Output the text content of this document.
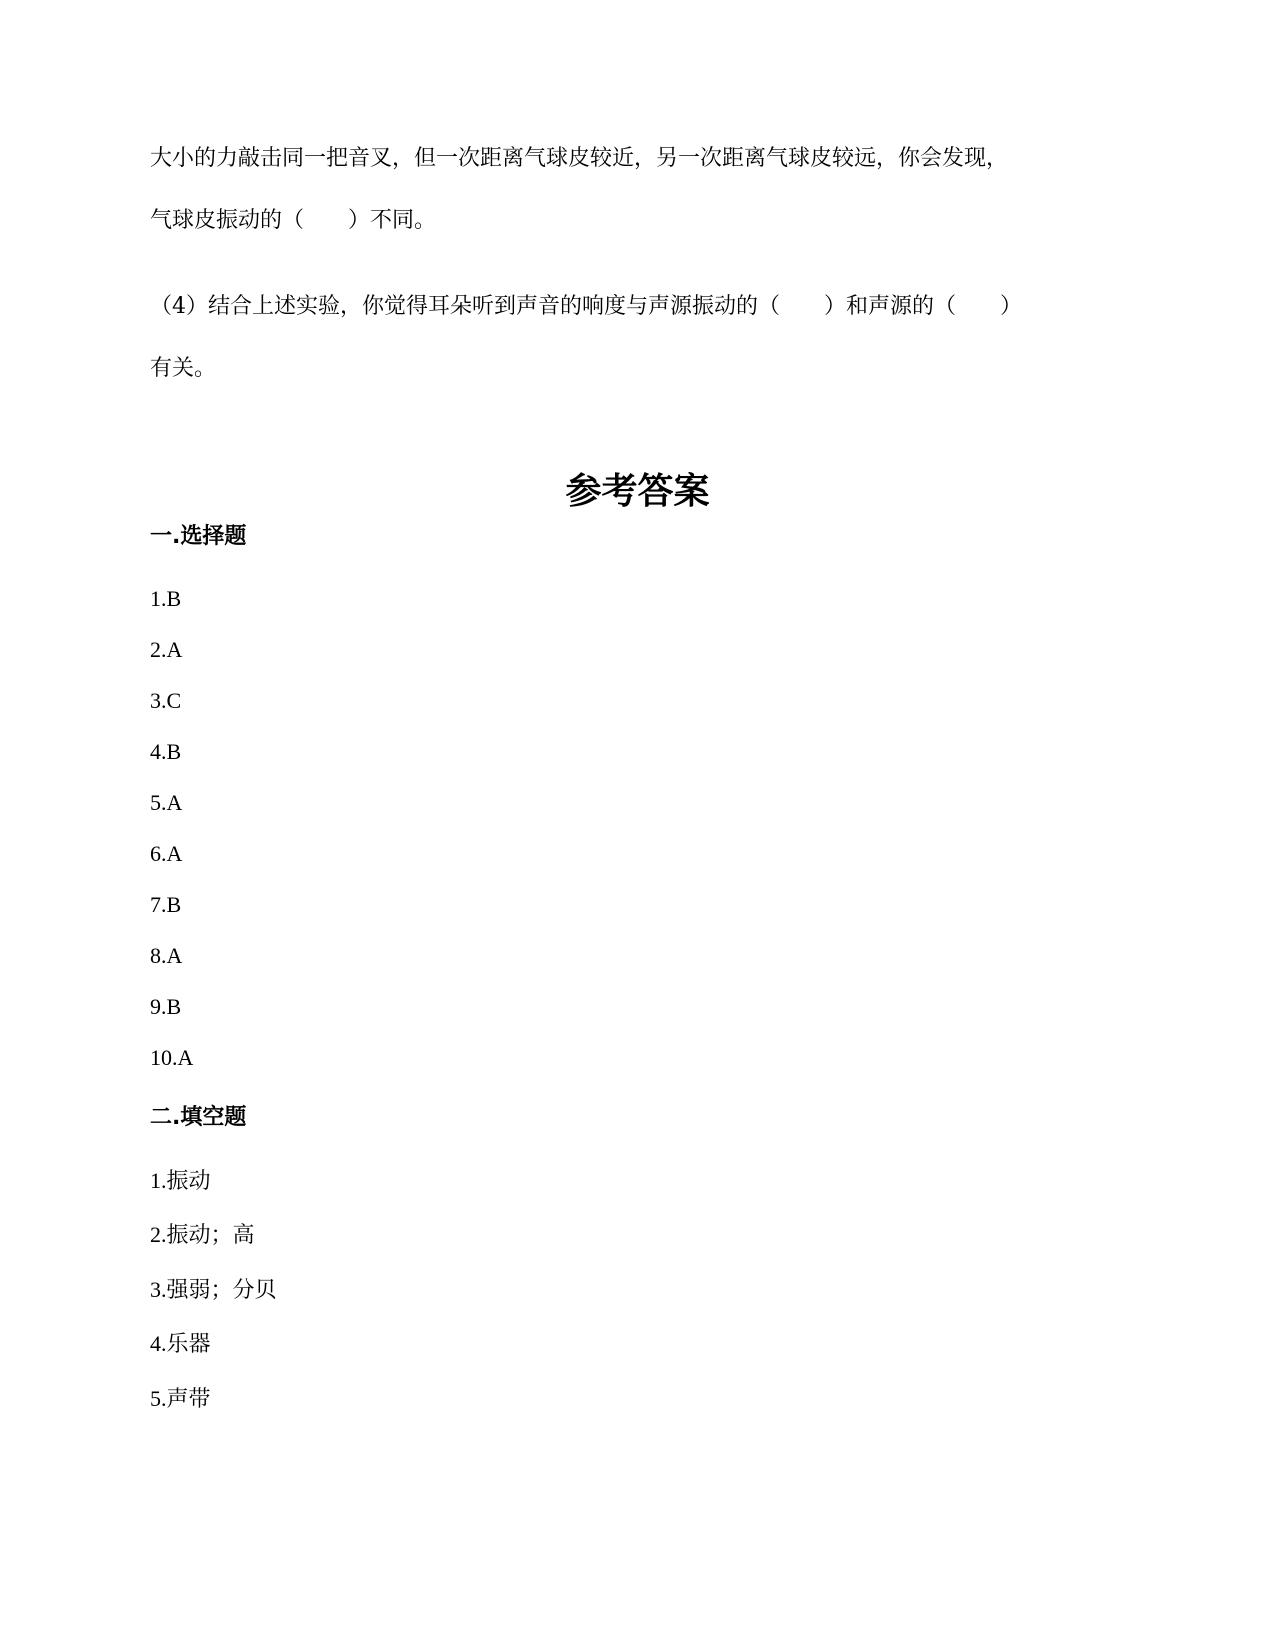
大小的力敲击同一把音叉，但一次距离气球皮较近，另一次距离气球皮较远，你会发现，
气球皮振动的（　　）不同。
（4）结合上述实验，你觉得耳朵听到声音的响度与声源振动的（　　）和声源的（　　）
有关。
参考答案
一.选择题
1.B
2.A
3.C
4.B
5.A
6.A
7.B
8.A
9.B
10.A
二.填空题
1.振动
2.振动；高
3.强弱；分贝
4.乐器
5.声带
